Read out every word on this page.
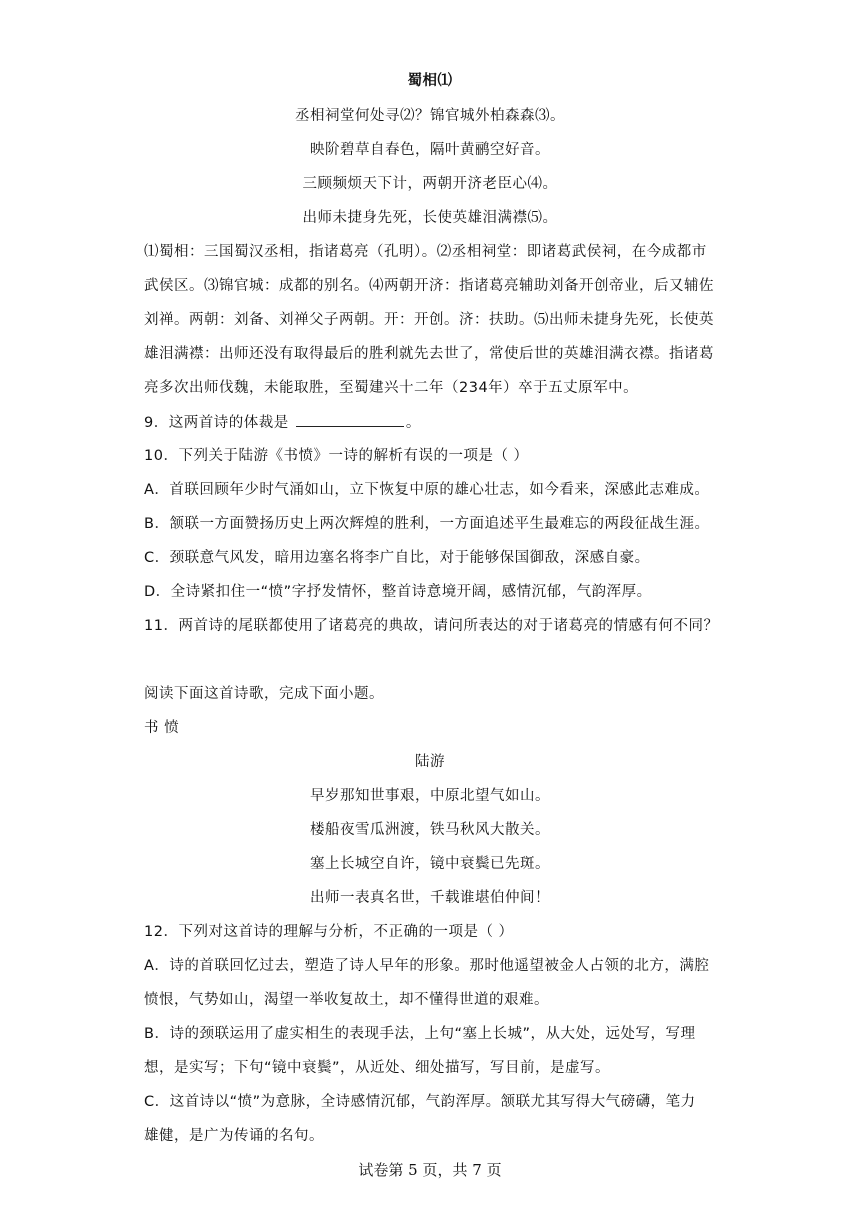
蜀相⑴
丞相祠堂何处寻⑵？锦官城外柏森森⑶。
映阶碧草自春色，隔叶黄鹂空好音。
三顾频烦天下计，两朝开济老臣心⑷。
出师未捷身先死，长使英雄泪满襟⑸。
⑴蜀相：三国蜀汉丞相，指诸葛亮（孔明）。⑵丞相祠堂：即诸葛武侯祠，在今成都市
武侯区。⑶锦官城：成都的别名。⑷两朝开济：指诸葛亮辅助刘备开创帝业，后又辅佐
刘禅。两朝：刘备、刘禅父子两朝。开：开创。济：扶助。⑸出师未捷身先死，长使英
雄泪满襟：出师还没有取得最后的胜利就先去世了，常使后世的英雄泪满衣襟。指诸葛
亮多次出师伐魏，未能取胜，至蜀建兴十二年（234年）卒于五丈原军中。
9．这两首诗的体裁是	。
10．下列关于陆游《书愤》一诗的解析有误的一项是（ ）
A．首联回顾年少时气涌如山，立下恢复中原的雄心壮志，如今看来，深感此志难成。
B．颔联一方面赞扬历史上两次辉煌的胜利，一方面追述平生最难忘的两段征战生涯。
C．颈联意气风发，暗用边塞名将李广自比，对于能够保国御敌，深感自豪。
D．全诗紧扣住一“愤”字抒发情怀，整首诗意境开阔，感情沉郁，气韵浑厚。
11．两首诗的尾联都使用了诸葛亮的典故，请问所表达的对于诸葛亮的情感有何不同？
阅读下面这首诗歌，完成下面小题。
书 愤
陆游
早岁那知世事艰，中原北望气如山。
楼船夜雪瓜洲渡，铁马秋风大散关。
塞上长城空自许，镜中衰鬓已先斑。
出师一表真名世，千载谁堪伯仲间！
12．下列对这首诗的理解与分析，不正确的一项是（ ）
A．诗的首联回忆过去，塑造了诗人早年的形象。那时他遥望被金人占领的北方，满腔
愤恨，气势如山，渴望一举收复故土，却不懂得世道的艰难。
B．诗的颈联运用了虚实相生的表现手法，上句“塞上长城”，从大处，远处写，写理
想，是实写；下句“镜中衰鬓”，从近处、细处描写，写目前，是虚写。
C．这首诗以“愤”为意脉，全诗感情沉郁，气韵浑厚。颔联尤其写得大气磅礴，笔力
雄健，是广为传诵的名句。
试卷第 5 页，共 7 页
